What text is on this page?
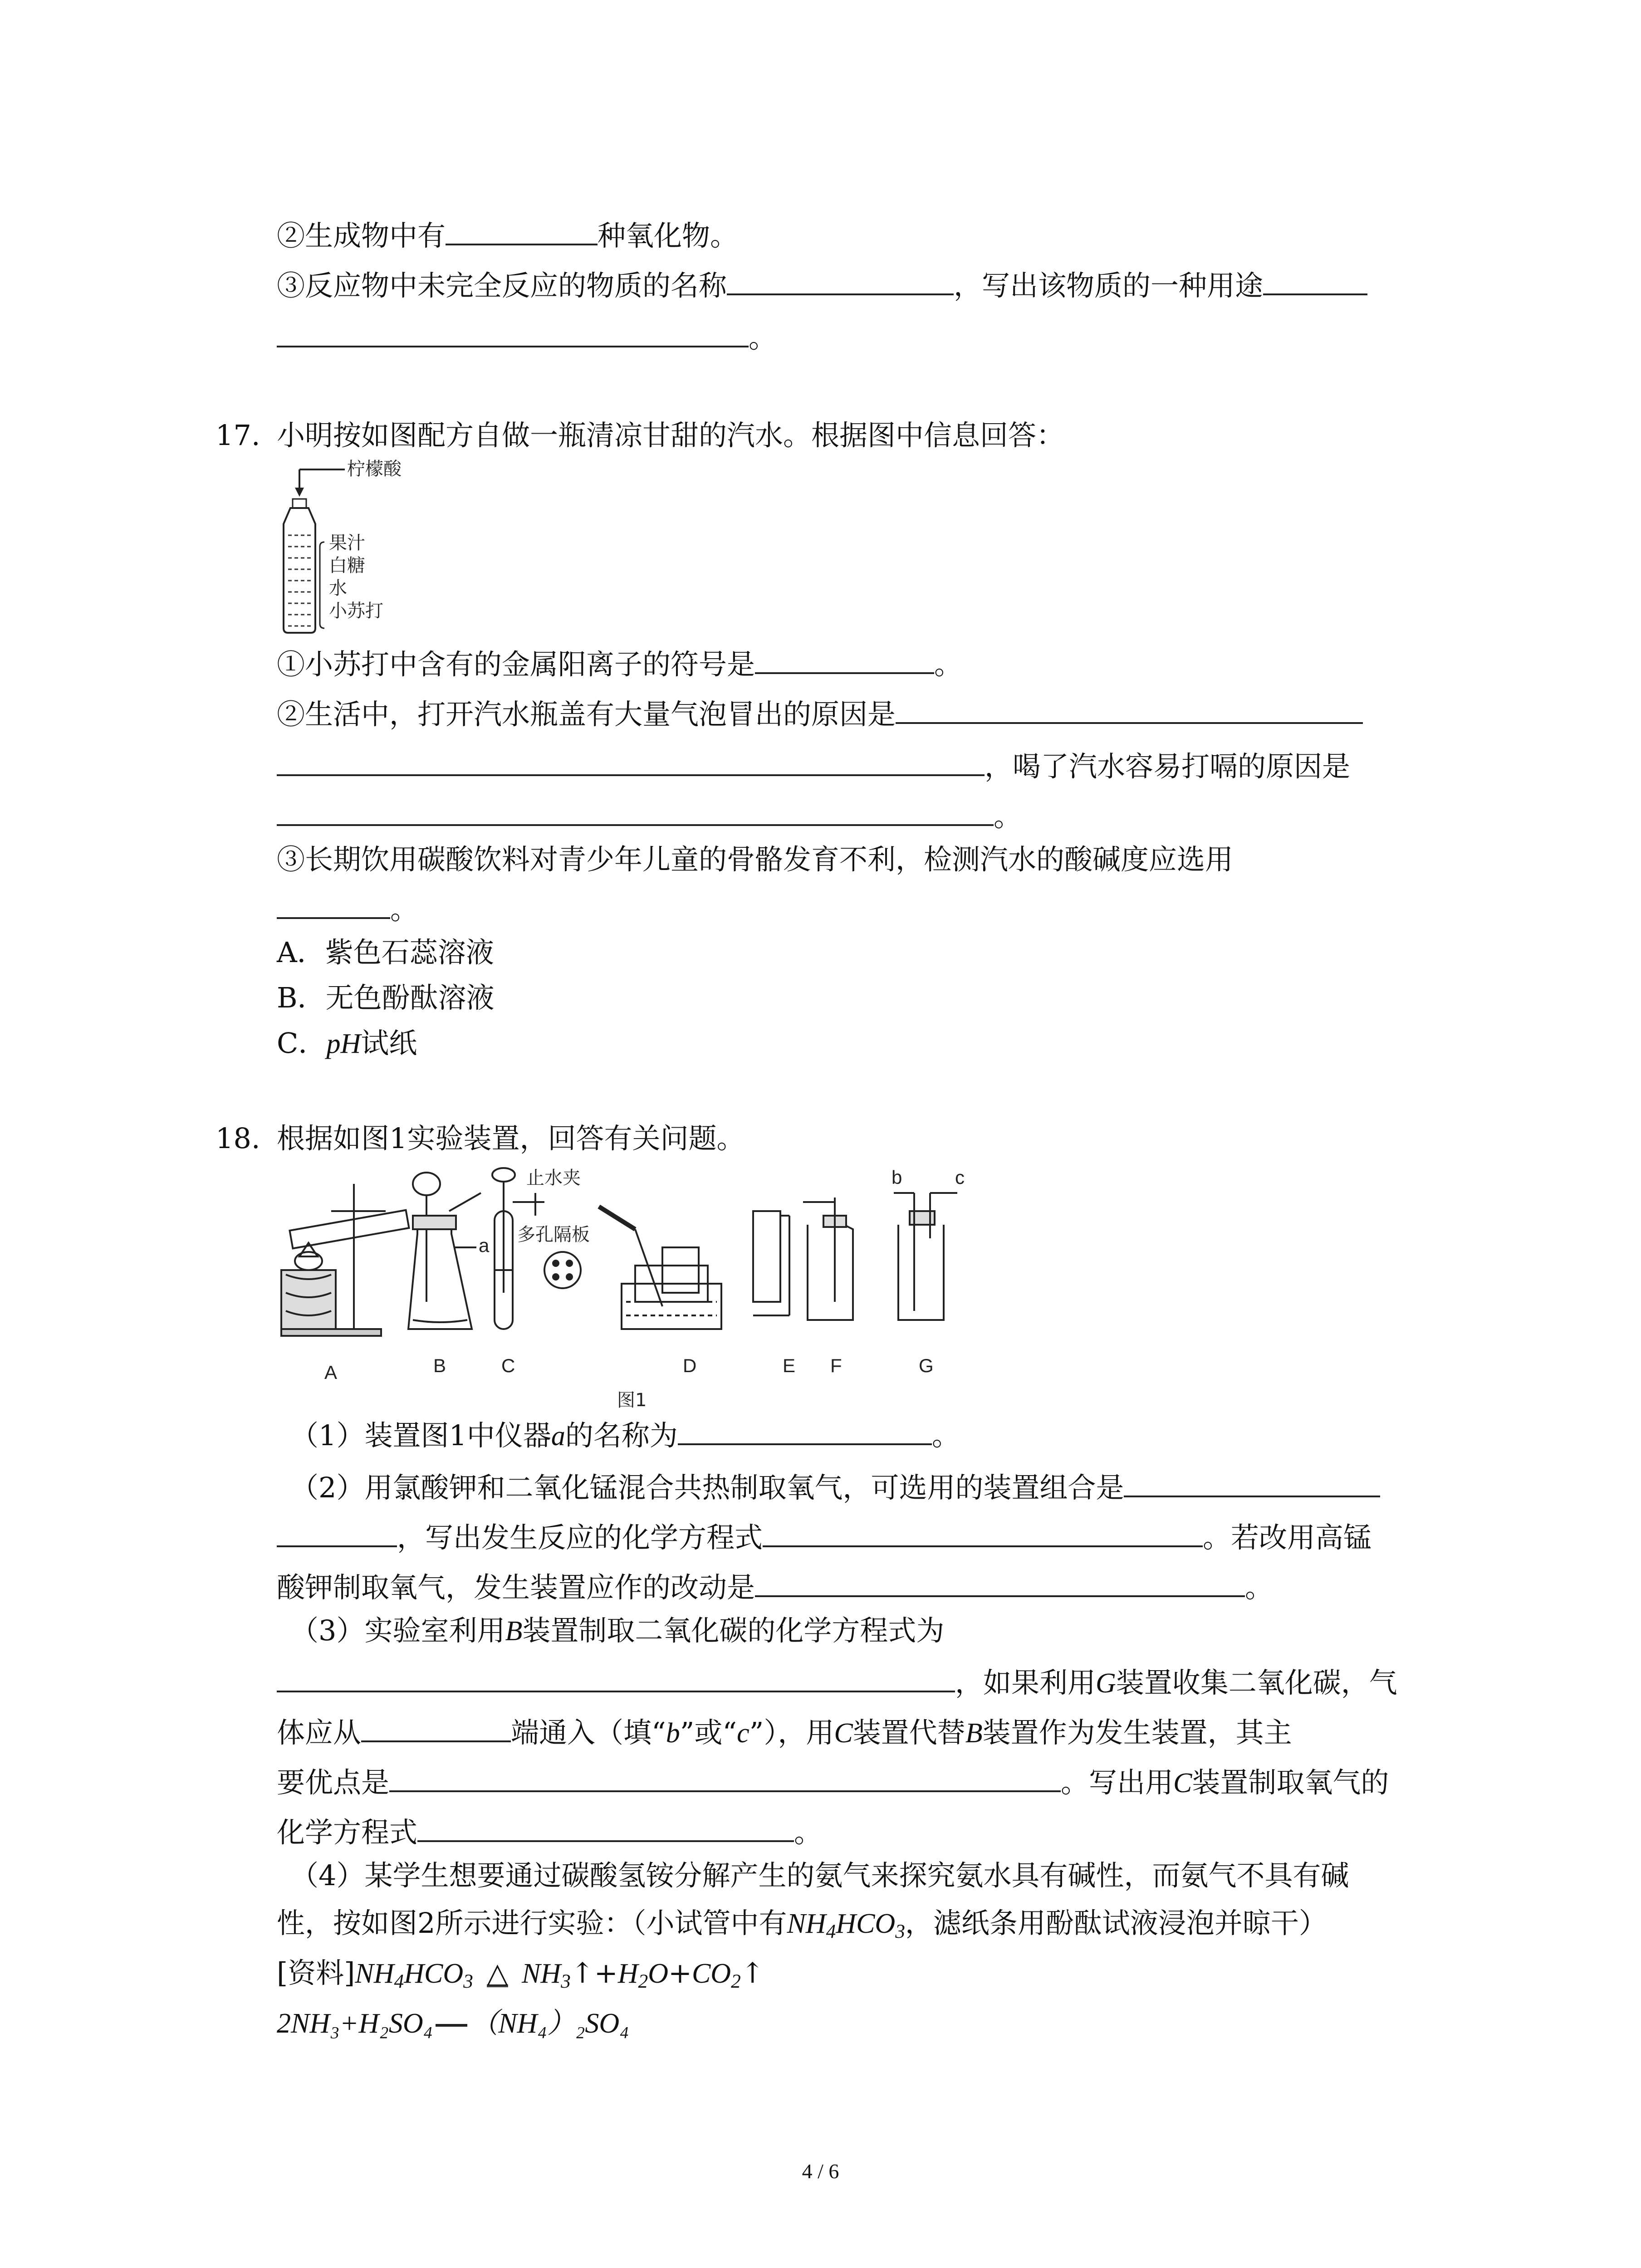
②生成物中有	种氧化物。
③反应物中未完全反应的物质的名称	，写出该物质的一种用途
。
17. 小明按如图配方自做一瓶清凉甘甜的汽水。根据图中信息回答：
柠檬酸
果汁
白糖
水
小苏打
①小苏打中含有的金属阳离子的符号是	。
②生活中，打开汽水瓶盖有大量气泡冒出的原因是
，喝了汽水容易打嗝的原因是
。
③长期饮用碳酸饮料对青少年儿童的骨骼发育不利，检测汽水的酸碱度应选用
。
A．紫色石蕊溶液
B．无色酚酞溶液
C．pH试纸
18. 根据如图1实验装置，回答有关问题。
a
止水夹
多孔隔板
b	c
A	B	C	D	E F	G
图1
（1）装置图1中仪器a的名称为	。
（2）用氯酸钾和二氧化锰混合共热制取氧气，可选用的装置组合是
，写出发生反应的化学方程式	。若改用高锰
酸钾制取氧气，发生装置应作的改动是	。
（3）实验室利用B装置制取二氧化碳的化学方程式为
，如果利用G装置收集二氧化碳，气
体应从	端通入（填“b”或“c”），用C装置代替B装置作为发生装置，其主
要优点是	。写出用C装置制取氧气的
化学方程式	。
（4）某学生想要通过碳酸氢铵分解产生的氨气来探究氨水具有碱性，而氨气不具有碱
性，按如图2所示进行实验：（小试管中有$NH_4HCO_3$，滤纸条用酚酞试液浸泡并晾干）
[资料]$NH_4HCO_3$ △ $NH_3↑+H_2O+CO_2↑$
2NH₃+H₂SO₄ （NH₄）₂SO₄
4 / 6
